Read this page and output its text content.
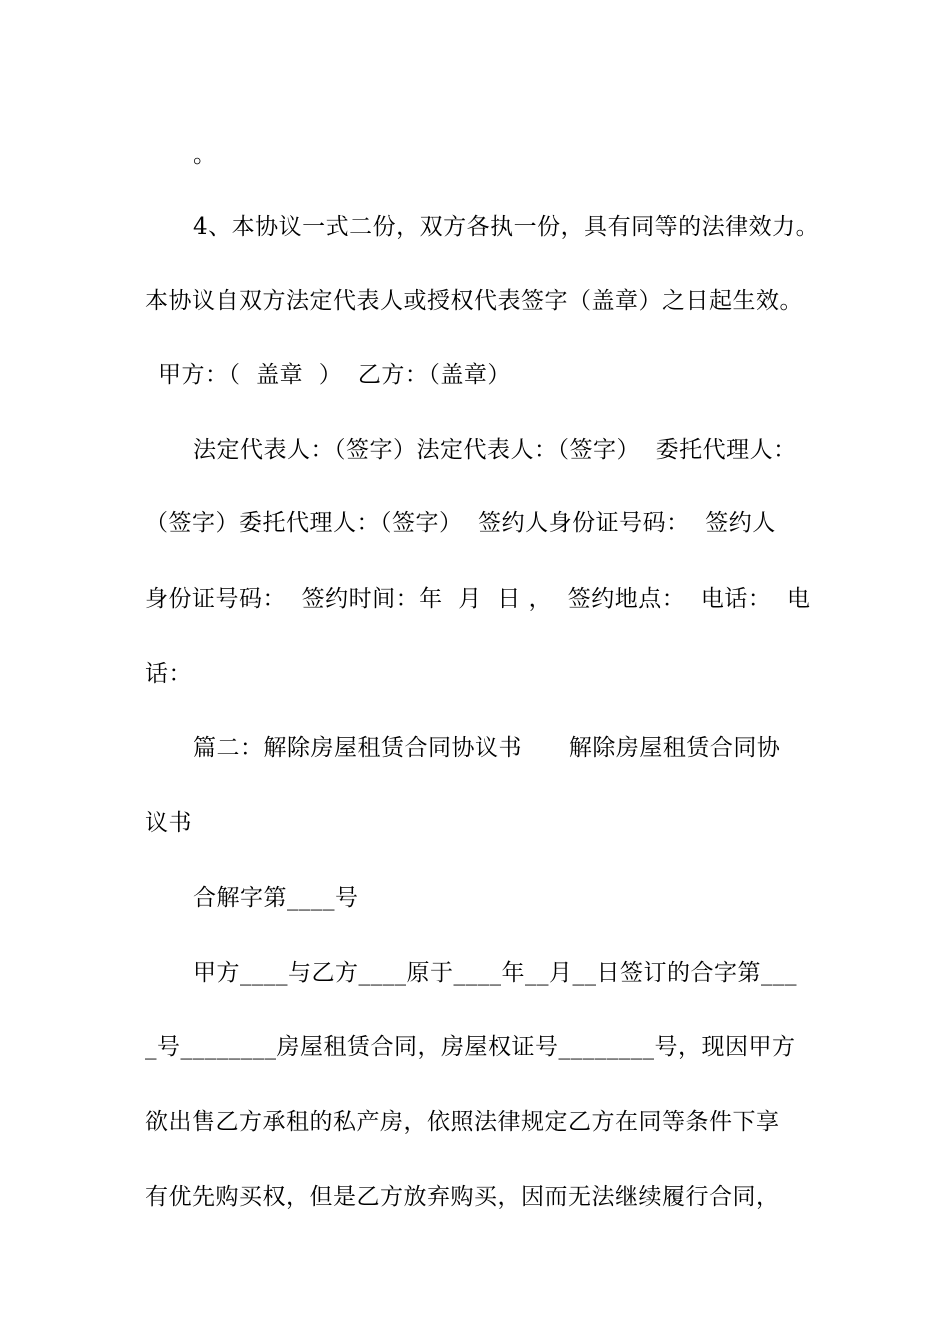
。
4、本协议一式二份，双方各执一份，具有同等的法律效力。
本协议自双方法定代表人或授权代表签字（盖章）之日起生效。
甲方：（  盖章  ）  乙方：（盖章）
法定代表人：（签字）法定代表人：（签字）  委托代理人：
（签字）委托代理人：（签字）  签约人身份证号码：  签约人
身份证号码：  签约时间：年  月  日 ，  签约地点：  电话：  电
话：
篇二：解除房屋租赁合同协议书      解除房屋租赁合同协
议书
合解字第____号
甲方____与乙方____原于____年__月__日签订的合字第___
_号________房屋租赁合同，房屋权证号________号，现因甲方
欲出售乙方承租的私产房，依照法律规定乙方在同等条件下享
有优先购买权，但是乙方放弃购买，因而无法继续履行合同，
